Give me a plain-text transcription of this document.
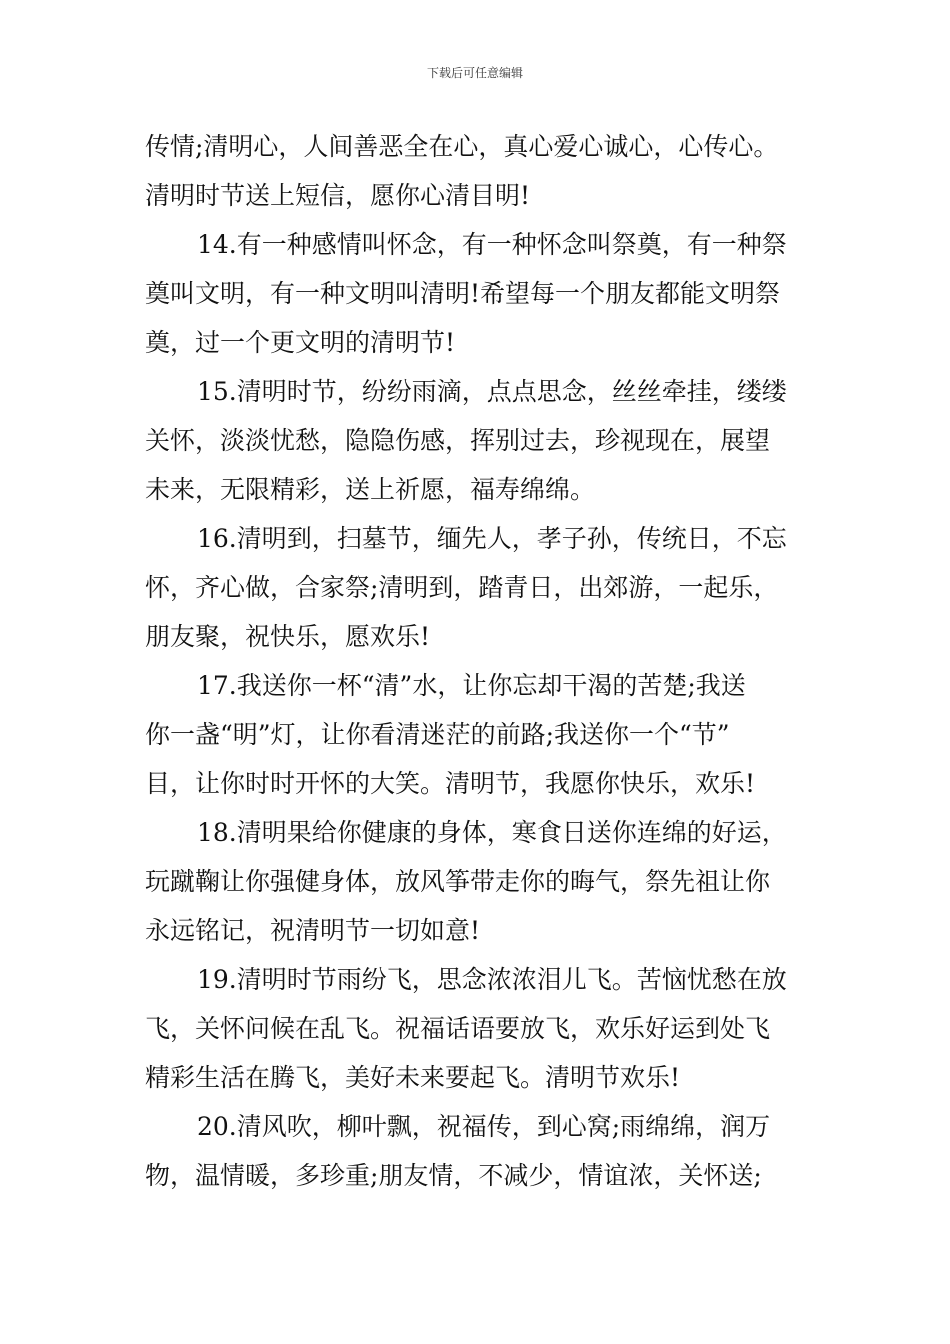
下载后可任意编辑
传情;清明心，人间善恶全在心，真心爱心诚心，心传心。
清明时节送上短信，愿你心清目明!
14.有一种感情叫怀念，有一种怀念叫祭奠，有一种祭
奠叫文明，有一种文明叫清明!希望每一个朋友都能文明祭
奠，过一个更文明的清明节!
15.清明时节，纷纷雨滴，点点思念，丝丝牵挂，缕缕
关怀，淡淡忧愁，隐隐伤感，挥别过去，珍视现在，展望
未来，无限精彩，送上祈愿，福寿绵绵。
16.清明到，扫墓节，缅先人，孝子孙，传统日，不忘
怀，齐心做，合家祭;清明到，踏青日，出郊游，一起乐，
朋友聚，祝快乐，愿欢乐!
17.我送你一杯“清”水，让你忘却干渴的苦楚;我送
你一盏“明”灯，让你看清迷茫的前路;我送你一个“节”
目，让你时时开怀的大笑。清明节，我愿你快乐，欢乐!
18.清明果给你健康的身体，寒食日送你连绵的好运，
玩蹴鞠让你强健身体，放风筝带走你的晦气，祭先祖让你
永远铭记，祝清明节一切如意!
19.清明时节雨纷飞，思念浓浓泪儿飞。苦恼忧愁在放
飞，关怀问候在乱飞。祝福话语要放飞，欢乐好运到处飞
精彩生活在腾飞，美好未来要起飞。清明节欢乐!
20.清风吹，柳叶飘，祝福传，到心窝;雨绵绵，润万
物，温情暖，多珍重;朋友情，不减少，情谊浓，关怀送;
